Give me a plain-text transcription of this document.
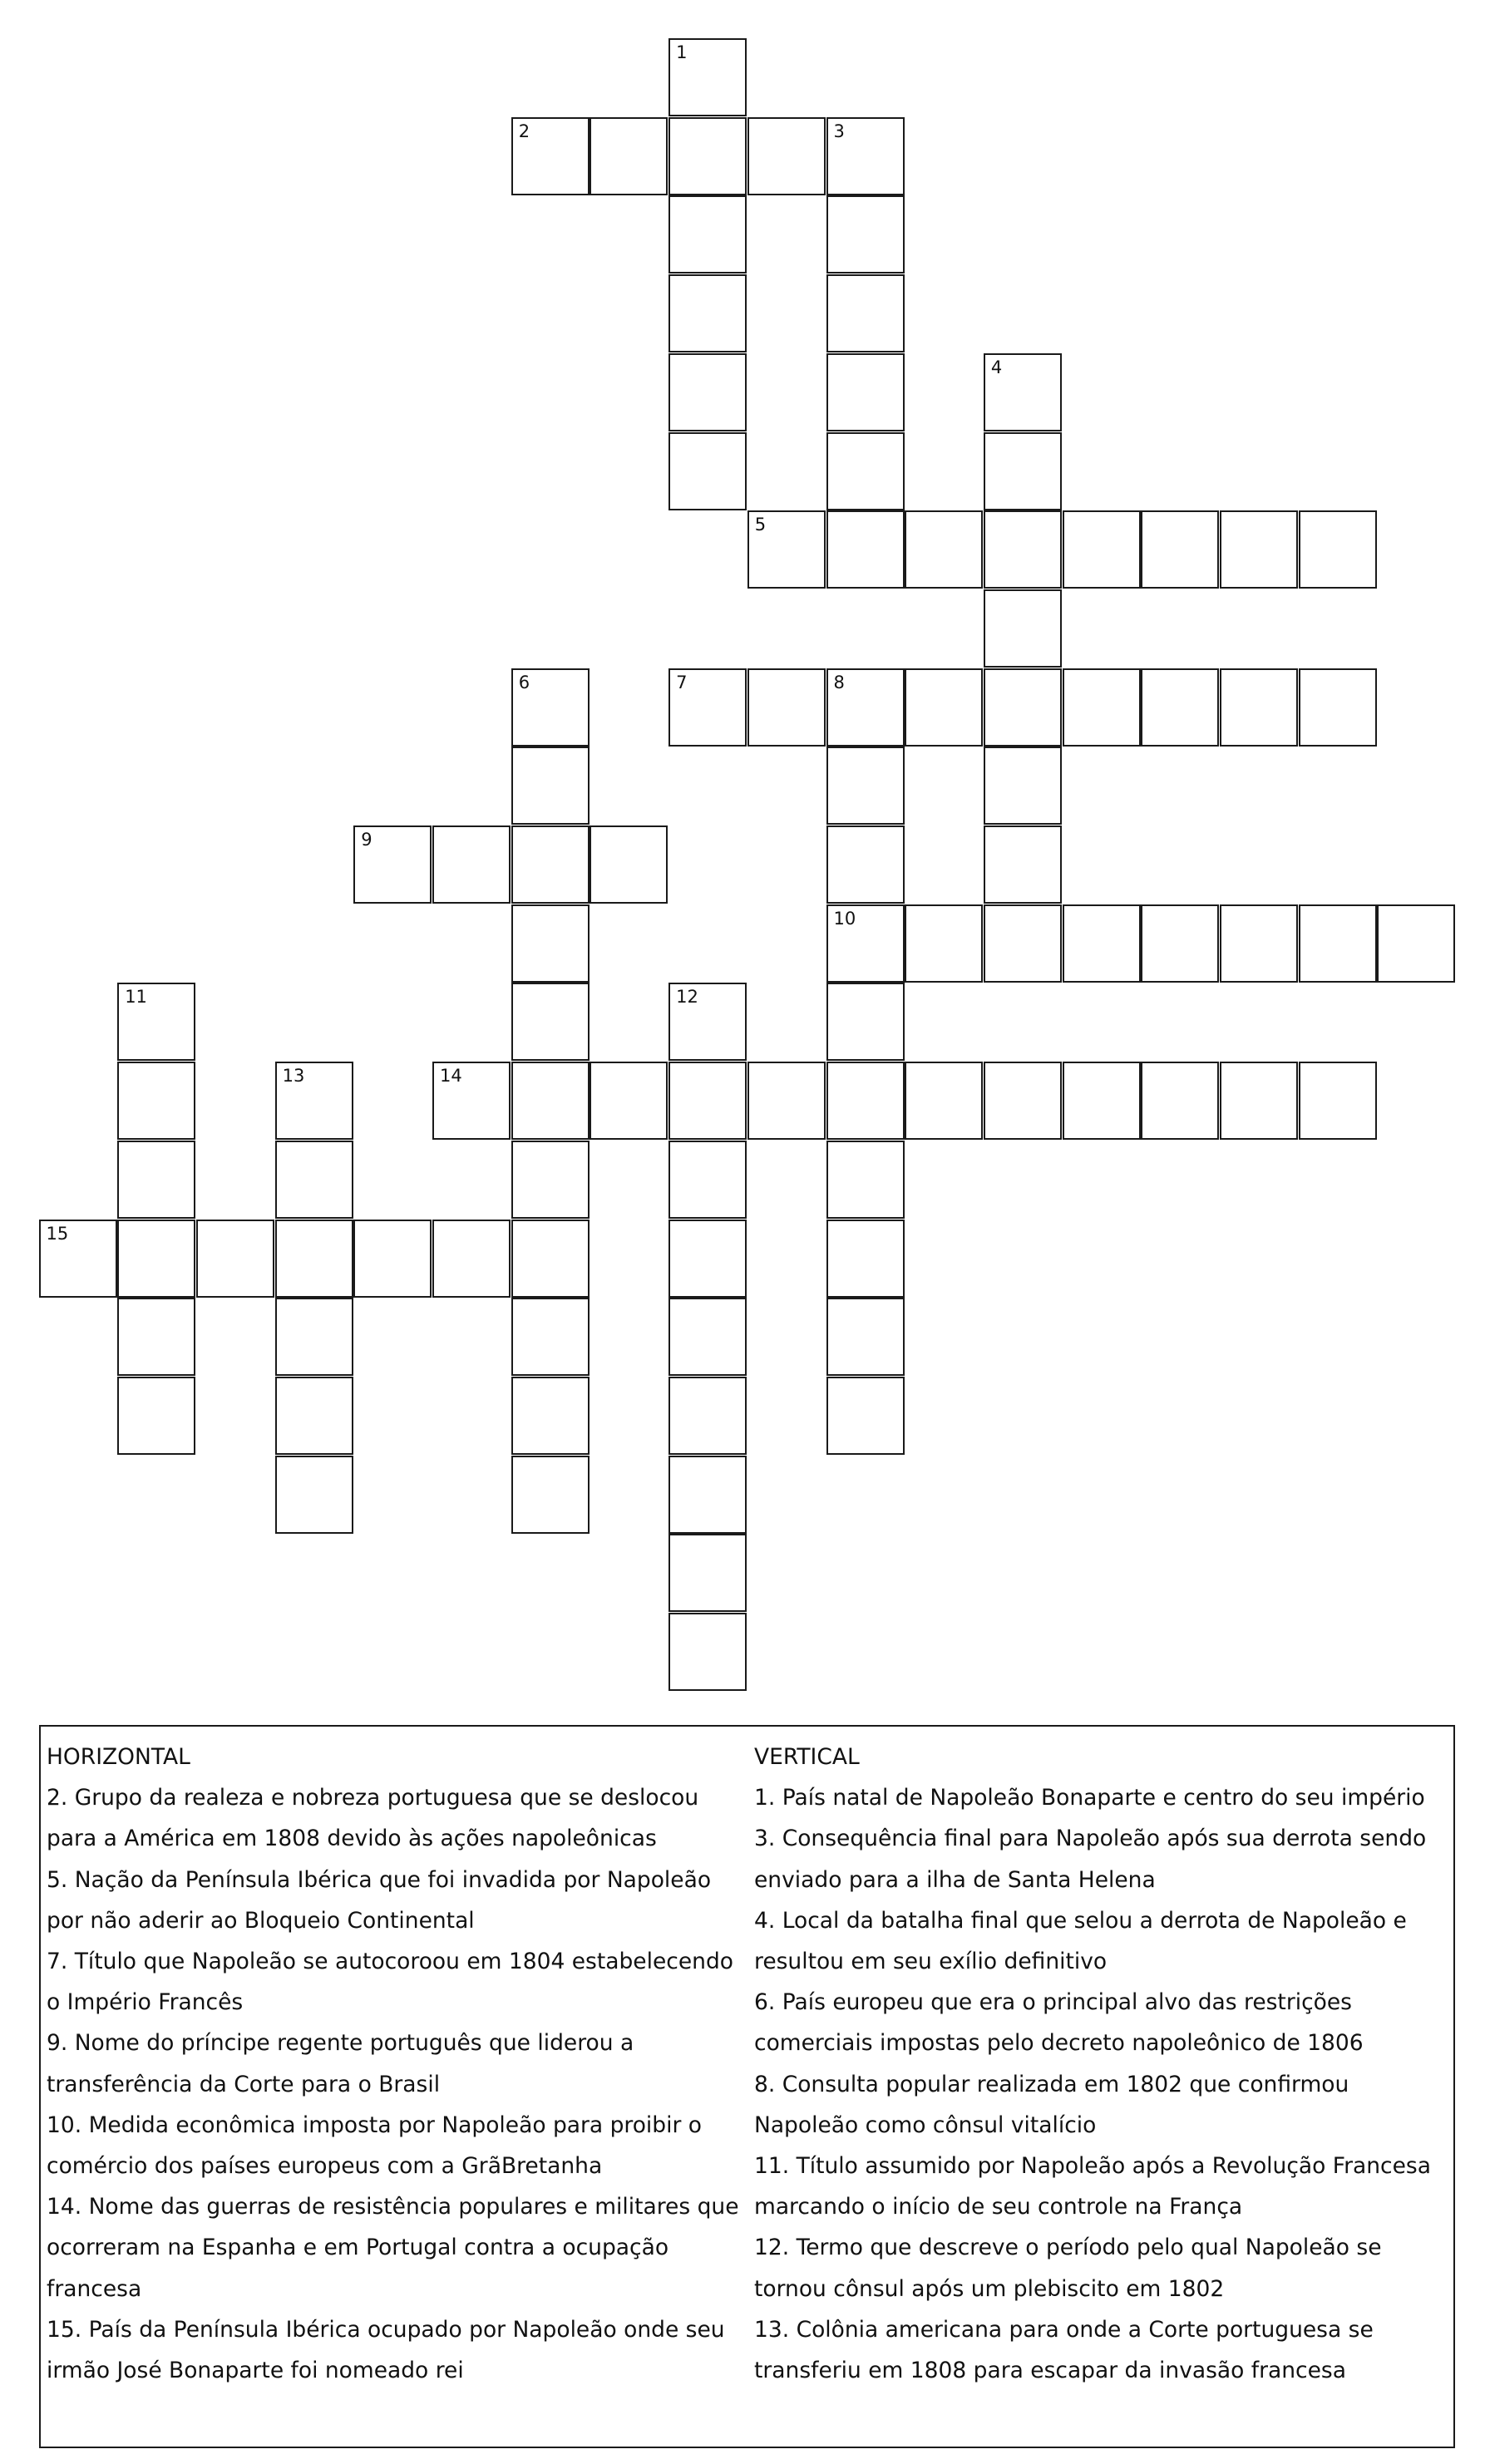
1
2	3
4
5
6	7	8
10
9
11	12
13	14
15

HORIZONTAL

2. Grupo da realeza e nobreza portuguesa que se deslocou para a América em 1808 devido às ações napoleônicas

5. Nação da Península Ibérica que foi invadida por Napoleão por não aderir ao Bloqueio Continental

7. Título que Napoleão se autocoroou em 1804 estabelecendo o Império Francês

9. Nome do príncipe regente português que liderou a transferência da Corte para o Brasil

10. Medida econômica imposta por Napoleão para proibir o comércio dos países europeus com a GrãBretanha

14. Nome das guerras de resistência populares e militares que ocorreram na Espanha e em Portugal contra a ocupação francesa

15. País da Península Ibérica ocupado por Napoleão onde seu irmão José Bonaparte foi nomeado rei

VERTICAL

1. País natal de Napoleão Bonaparte e centro do seu império

3. Consequência final para Napoleão após sua derrota sendo enviado para a ilha de Santa Helena

4. Local da batalha final que selou a derrota de Napoleão e resultou em seu exílio definitivo

6. País europeu que era o principal alvo das restrições comerciais impostas pelo decreto napoleônico de 1806

8. Consulta popular realizada em 1802 que confirmou Napoleão como cônsul vitalício

11. Título assumido por Napoleão após a Revolução Francesa marcando o início de seu controle na França

12. Termo que descreve o período pelo qual Napoleão se tornou cônsul após um plebiscito em 1802

13. Colônia americana para onde a Corte portuguesa se transferiu em 1808 para escapar da invasão francesa
